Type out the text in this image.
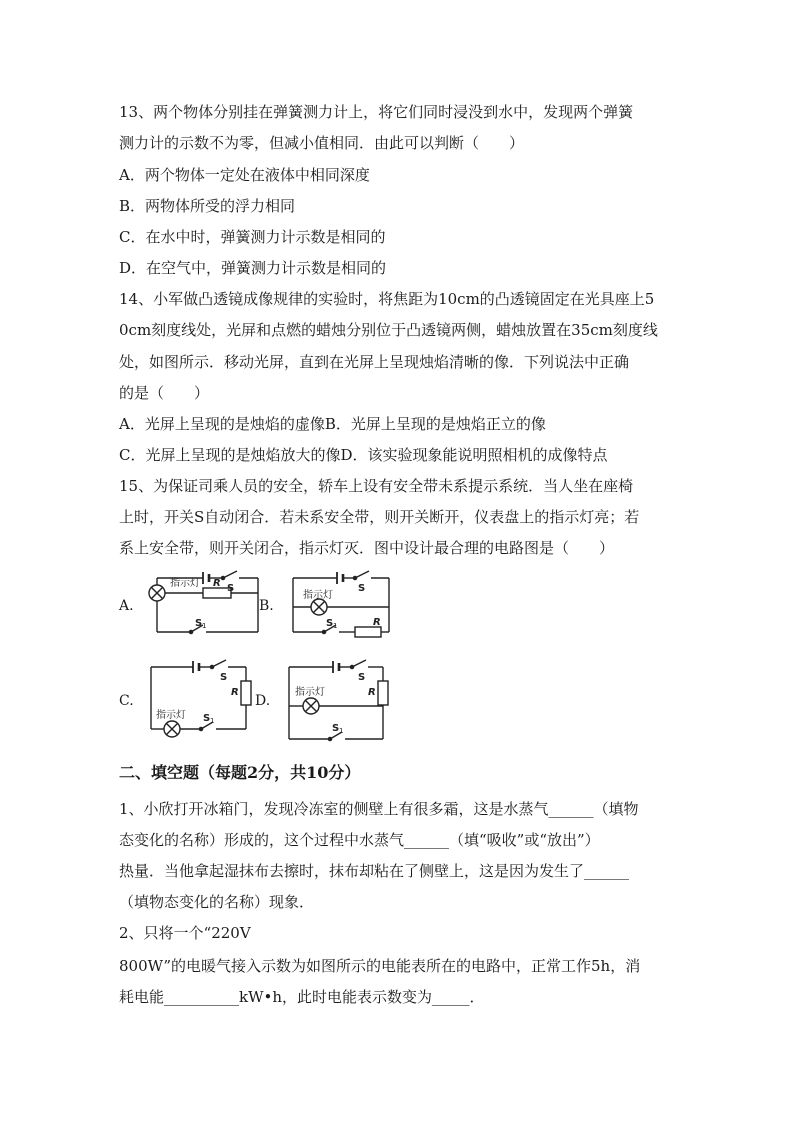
13、两个物体分别挂在弹簧测力计上，将它们同时浸没到水中，发现两个弹簧
测力计的示数不为零，但减小值相同．由此可以判断（　　）
A．两个物体一定处在液体中相同深度
B．两物体所受的浮力相同
C．在水中时，弹簧测力计示数是相同的
D．在空气中，弹簧测力计示数是相同的
14、小军做凸透镜成像规律的实验时，将焦距为10cm的凸透镜固定在光具座上5
0cm刻度线处，光屏和点燃的蜡烛分别位于凸透镜两侧，蜡烛放置在35cm刻度线
处，如图所示．移动光屏，直到在光屏上呈现烛焰清晰的像．下列说法中正确
的是（　　）
A．光屏上呈现的是烛焰的虚像B．光屏上呈现的是烛焰正立的像
C．光屏上呈现的是烛焰放大的像D．该实验现象能说明照相机的成像特点
15、为保证司乘人员的安全，轿车上设有安全带未系提示系统．当人坐在座椅
上时，开关S自动闭合．若未系安全带，则开关断开，仪表盘上的指示灯亮；若
系上安全带，则开关闭合，指示灯灭．图中设计最合理的电路图是（　　）
A.	B.
C.	D.
指示灯	S
R
S 1
指示灯
S
R
S 1
指示灯
S
R
S 1
指示灯
S
R
S 1
二、填空题（每题2分，共10分）
1、小欣打开冰箱门，发现冷冻室的侧壁上有很多霜，这是水蒸气______（填物
态变化的名称）形成的，这个过程中水蒸气______（填“吸收”或“放出”）
热量．当他拿起湿抹布去擦时，抹布却粘在了侧壁上，这是因为发生了______
（填物态变化的名称）现象．
2、只将一个“220V
800W”的电暖气接入示数为如图所示的电能表所在的电路中，正常工作5h，消
耗电能__________kW•h，此时电能表示数变为_____．
